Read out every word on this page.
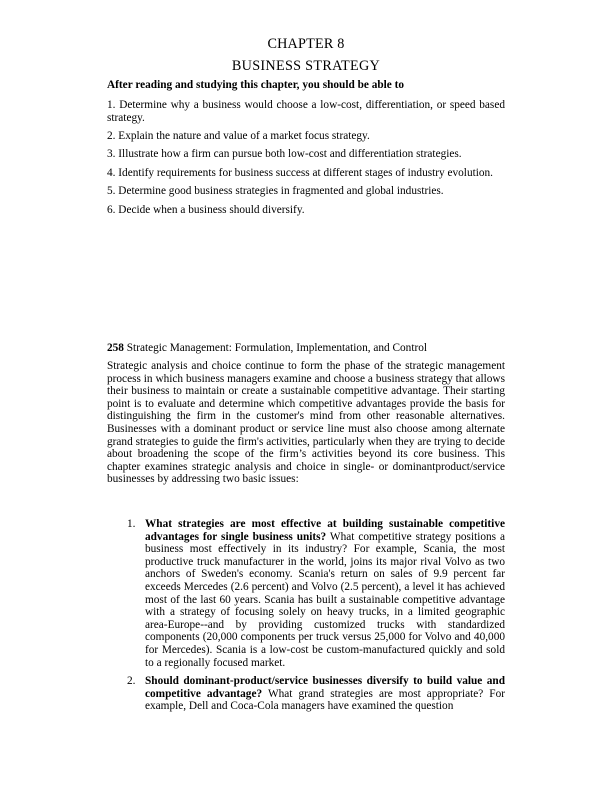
CHAPTER 8
BUSINESS STRATEGY
After reading and studying this chapter, you should be able to
1. Determine why a business would choose a low-cost, differentiation, or speed based strategy.
2. Explain the nature and value of a market focus strategy.
3. Illustrate how a firm can pursue both low-cost and differentiation strategies.
4. Identify requirements for business success at different stages of industry evolution.
5. Determine good business strategies in fragmented and global industries.
6. Decide when a business should diversify.
258 Strategic Management: Formulation, Implementation, and Control

Strategic analysis and choice continue to form the phase of the strategic management process in which business managers examine and choose a business strategy that allows their business to maintain or create a sustainable competitive advantage. Their starting point is to evaluate and determine which competitive advantages provide the basis for distinguishing the firm in the customer's mind from other reasonable alternatives. Businesses with a dominant product or service line must also choose among alternate grand strategies to guide the firm's activities, particularly when they are trying to decide about broadening the scope of the firm’s activities beyond its core business. This chapter examines strategic analysis and choice in single- or dominantproduct/service businesses by addressing two basic issues:

1. What strategies are most effective at building sustainable competitive advantages for single business units? What competitive strategy positions a business most effectively in its industry? For example, Scania, the most productive truck manufacturer in the world, joins its major rival Volvo as two anchors of Sweden's economy. Scania's return on sales of 9.9 percent far exceeds Mercedes (2.6 percent) and Volvo (2.5 percent), a level it has achieved most of the last 60 years. Scania has built a sustainable competitive advantage with a strategy of focusing solely on heavy trucks, in a limited geographic area-Europe--and by providing customized trucks with standardized components (20,000 components per truck versus 25,000 for Volvo and 40,000 for Mercedes). Scania is a low-cost be custom-manufactured quickly and sold to a regionally focused market.
2. Should dominant-product/service businesses diversify to build value and competitive advantage? What grand strategies are most appropriate? For example, Dell and Coca-Cola managers have examined the question
